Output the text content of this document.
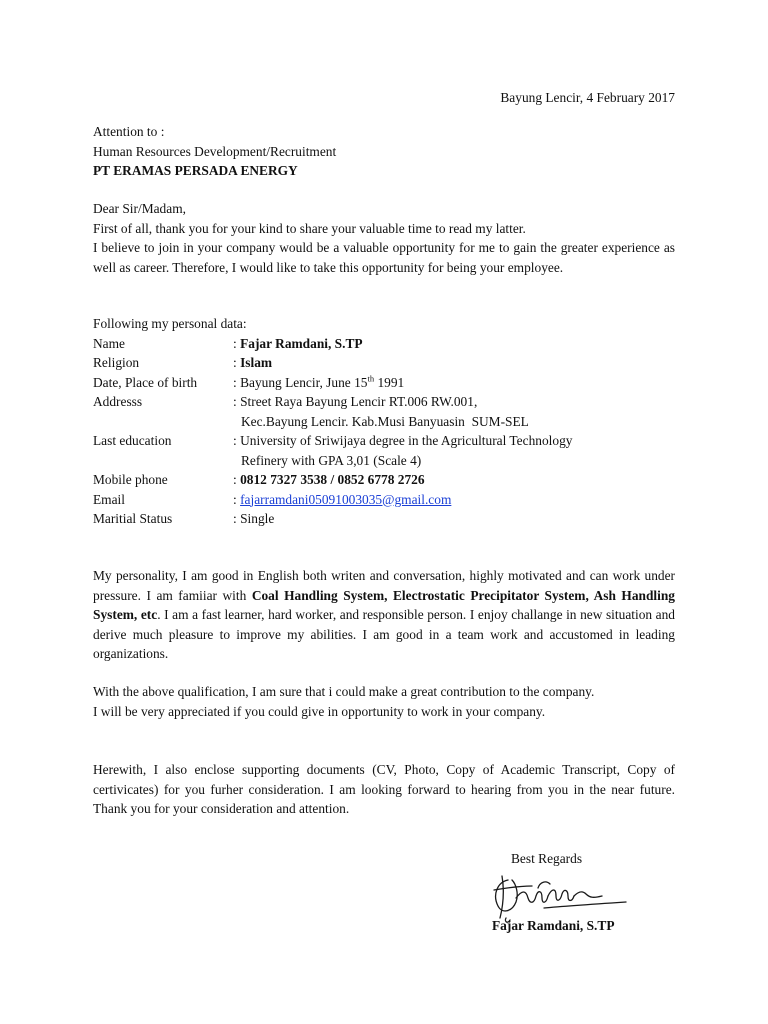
Bayung Lencir, 4 February 2017
Attention to :
Human Resources Development/Recruitment
PT ERAMAS PERSADA ENERGY
Dear Sir/Madam,
First of all, thank you for your kind to share your valuable time to read my latter.
I believe to join in your company would be a valuable opportunity for me to gain the greater experience as well as career. Therefore, I would like to take this opportunity for being your employee.
Following my personal data:
Name	: Fajar Ramdani, S.TP
Religion	: Islam
Date, Place of birth	: Bayung Lencir, June 15th 1991
Addresss	: Street Raya Bayung Lencir RT.006 RW.001,
Kec.Bayung Lencir. Kab.Musi Banyuasin  SUM-SEL
Last education	: University of Sriwijaya degree in the Agricultural Technology
Refinery with GPA 3,01 (Scale 4)
Mobile phone	: 0812 7327 3538 / 0852 6778 2726
Email	: fajarramdani05091003035@gmail.com
Maritial Status	: Single
My personality, I am good in English both writen and conversation, highly motivated and can work under pressure. I am famiiar with Coal Handling System, Electrostatic Precipitator System, Ash Handling System, etc. I am a fast learner, hard worker, and responsible person. I enjoy challange in new situation and derive much pleasure to improve my abilities. I am good in a team work and accustomed in leading organizations.
With the above qualification, I am sure that i could make a great contribution to the company.
I will be very appreciated if you could give in opportunity to work in your company.
Herewith, I also enclose supporting documents (CV, Photo, Copy of Academic Transcript, Copy of certivicates) for you furher consideration. I am looking forward to hearing from you in the near future. Thank you for your consideration and attention.
Best Regards
Fajar Ramdani, S.TP
